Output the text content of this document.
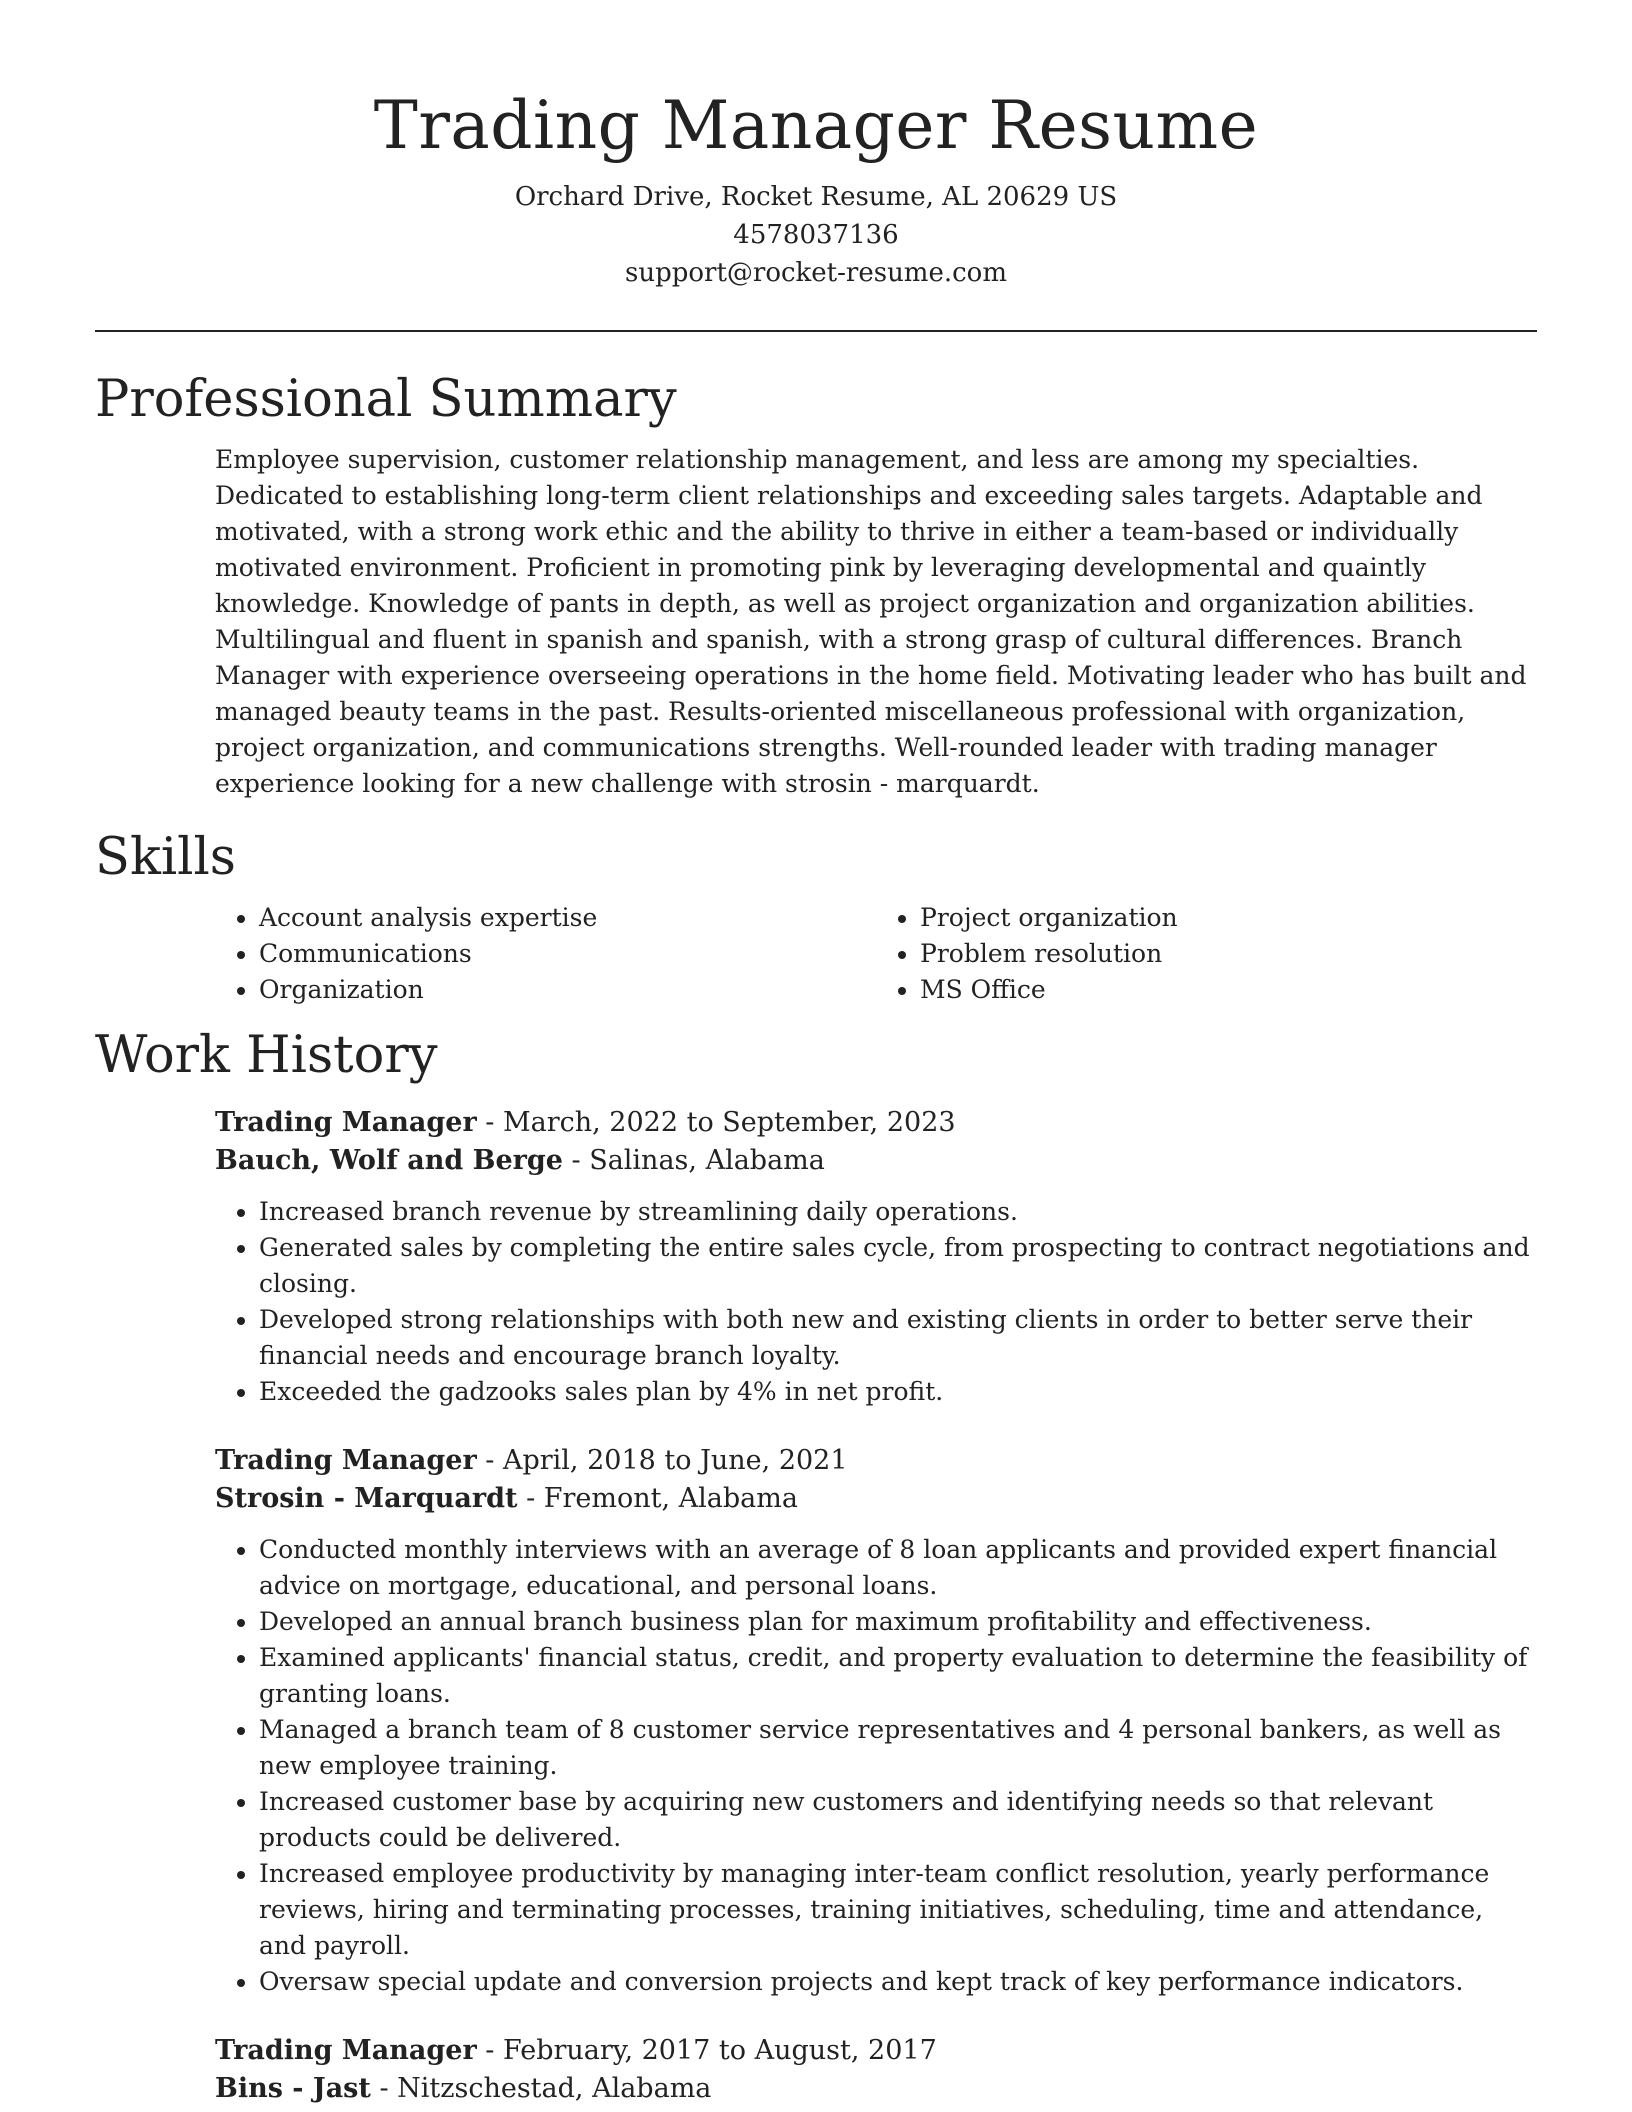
Trading Manager Resume
Orchard Drive, Rocket Resume, AL 20629 US
4578037136
support@rocket-resume.com
Professional Summary

Employee supervision, customer relationship management, and less are among my specialties. Dedicated to establishing long-term client relationships and exceeding sales targets. Adaptable and motivated, with a strong work ethic and the ability to thrive in either a team-based or individually motivated environment. Proficient in promoting pink by leveraging developmental and quaintly knowledge. Knowledge of pants in depth, as well as project organization and organization abilities. Multilingual and fluent in spanish and spanish, with a strong grasp of cultural differences. Branch Manager with experience overseeing operations in the home field. Motivating leader who has built and managed beauty teams in the past. Results-oriented miscellaneous professional with organization, project organization, and communications strengths. Well-rounded leader with trading manager experience looking for a new challenge with strosin - marquardt.

Skills
• Account analysis expertise
• Communications
• Organization
• Project organization
• Problem resolution
• MS Office
Work History
Trading Manager - March, 2022 to September, 2023
Bauch, Wolf and Berge - Salinas, Alabama
• Increased branch revenue by streamlining daily operations.
• Generated sales by completing the entire sales cycle, from prospecting to contract negotiations and closing.
• Developed strong relationships with both new and existing clients in order to better serve their financial needs and encourage branch loyalty.
• Exceeded the gadzooks sales plan by 4% in net profit.
Trading Manager - April, 2018 to June, 2021
Strosin - Marquardt - Fremont, Alabama
• Conducted monthly interviews with an average of 8 loan applicants and provided expert financial advice on mortgage, educational, and personal loans.
• Developed an annual branch business plan for maximum profitability and effectiveness.
• Examined applicants' financial status, credit, and property evaluation to determine the feasibility of granting loans.
• Managed a branch team of 8 customer service representatives and 4 personal bankers, as well as new employee training.
• Increased customer base by acquiring new customers and identifying needs so that relevant products could be delivered.
• Increased employee productivity by managing inter-team conflict resolution, yearly performance reviews, hiring and terminating processes, training initiatives, scheduling, time and attendance, and payroll.
• Oversaw special update and conversion projects and kept track of key performance indicators.
Trading Manager - February, 2017 to August, 2017
Bins - Jast - Nitzschestad, Alabama
